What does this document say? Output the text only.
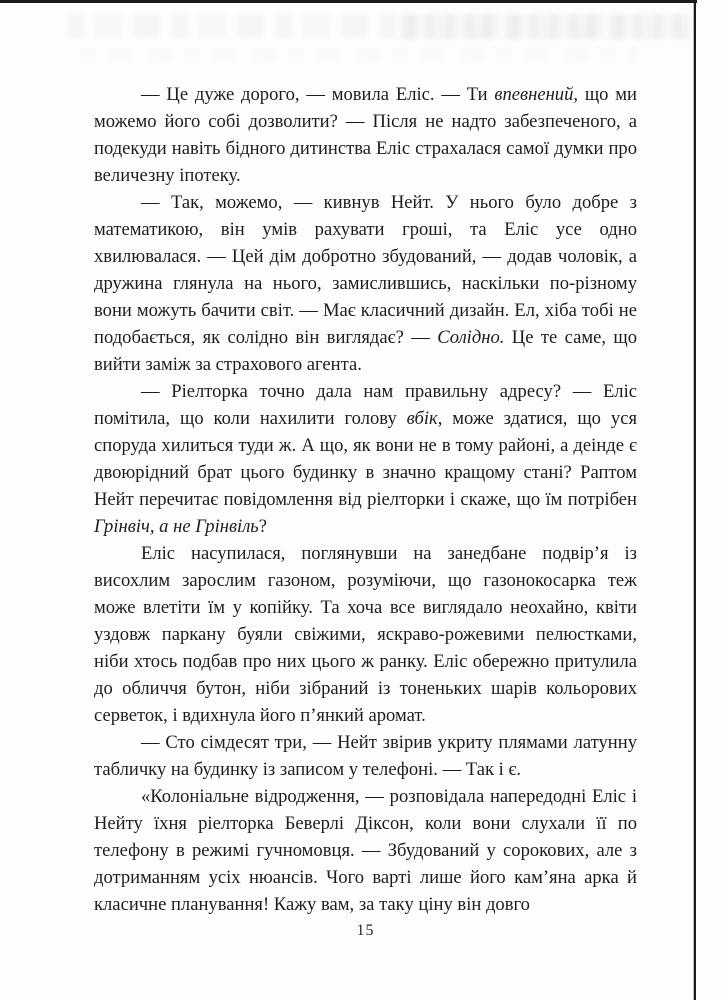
— Це дуже дорого, — мовила Еліс. — Ти впевнений, що ми можемо його собі дозволити? — Після не надто забезпеченого, а подекуди навіть бідного дитинства Еліс страхалася самої думки про величезну іпотеку.

— Так, можемо, — кивнув Нейт. У нього було добре з математикою, він умів рахувати гроші, та Еліс усе одно хвилювалася. — Цей дім добротно збудований, — додав чоловік, а дружина глянула на нього, замислившись, наскільки по-різному вони можуть бачити світ. — Має класичний дизайн. Ел, хіба тобі не подобається, як солідно він виглядає? — Солідно. Це те саме, що вийти заміж за страхового агента.

— Ріелторка точно дала нам правильну адресу? — Еліс помітила, що коли нахилити голову вбік, може здатися, що уся споруда хилиться туди ж. А що, як вони не в тому районі, а деінде є двоюрідний брат цього будинку в значно кращому стані? Раптом Нейт перечитає повідомлення від ріелторки і скаже, що їм потрібен Грінвіч, а не Грінвіль?

Еліс насупилася, поглянувши на занедбане подвір’я із висохлим зарослим газоном, розуміючи, що газонокосарка теж може влетіти їм у копійку. Та хоча все виглядало неохайно, квіти уздовж паркану буяли свіжими, яскраво-рожевими пелюстками, ніби хтось подбав про них цього ж ранку. Еліс обережно притулила до обличчя бутон, ніби зібраний із тоненьких шарів кольорових серветок, і вдихнула його п’янкий аромат.

— Сто сімдесят три, — Нейт звірив укриту плямами латунну табличку на будинку із записом у телефоні. — Так і є.

«Колоніальне відродження, — розповідала напередодні Еліс і Нейту їхня ріелторка Беверлі Діксон, коли вони слухали її по телефону в режимі гучномовця. — Збудований у сорокових, але з дотриманням усіх нюансів. Чого варті лише його кам’яна арка й класичне планування! Кажу вам, за таку ціну він довго

15
